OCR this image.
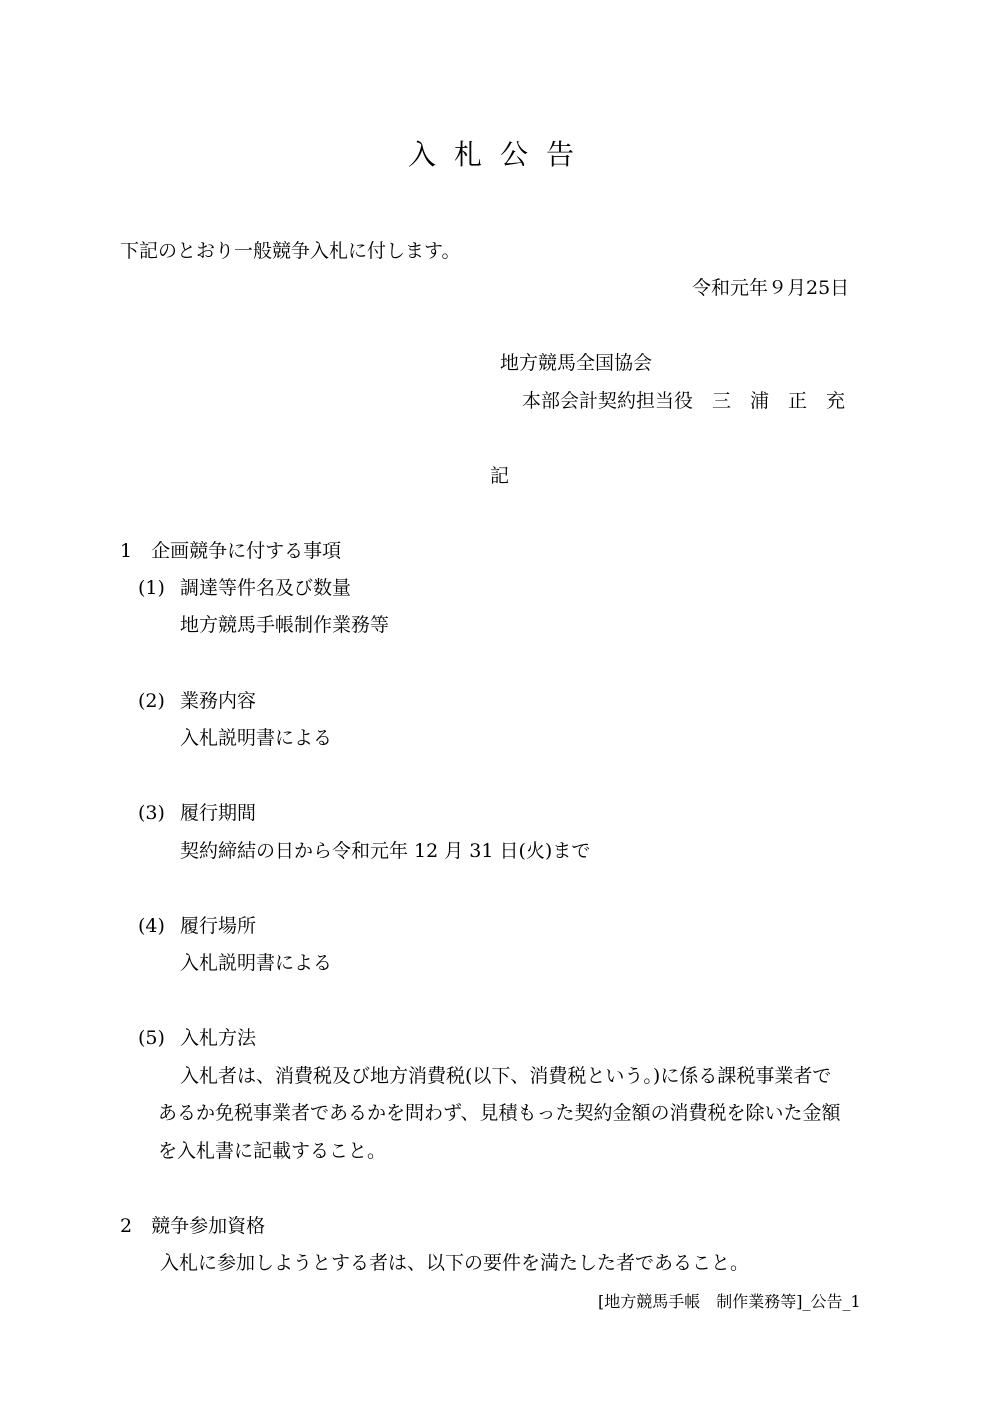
入札公告
下記のとおり一般競争入札に付します。
令和元年９月25日
地方競馬全国協会
本部会計契約担当役　三　浦　正　充
記
1　企画競争に付する事項
(1) 調達等件名及び数量
地方競馬手帳制作業務等
(2) 業務内容
入札説明書による
(3) 履行期間
契約締結の日から令和元年 12 月 31 日(火)まで
(4) 履行場所
入札説明書による
(5) 入札方法
入札者は、消費税及び地方消費税(以下、消費税という。)に係る課税事業者で
あるか免税事業者であるかを問わず、見積もった契約金額の消費税を除いた金額
を入札書に記載すること。
2　競争参加資格
入札に参加しようとする者は、以下の要件を満たした者であること。
[地方競馬手帳　制作業務等]_公告_1
